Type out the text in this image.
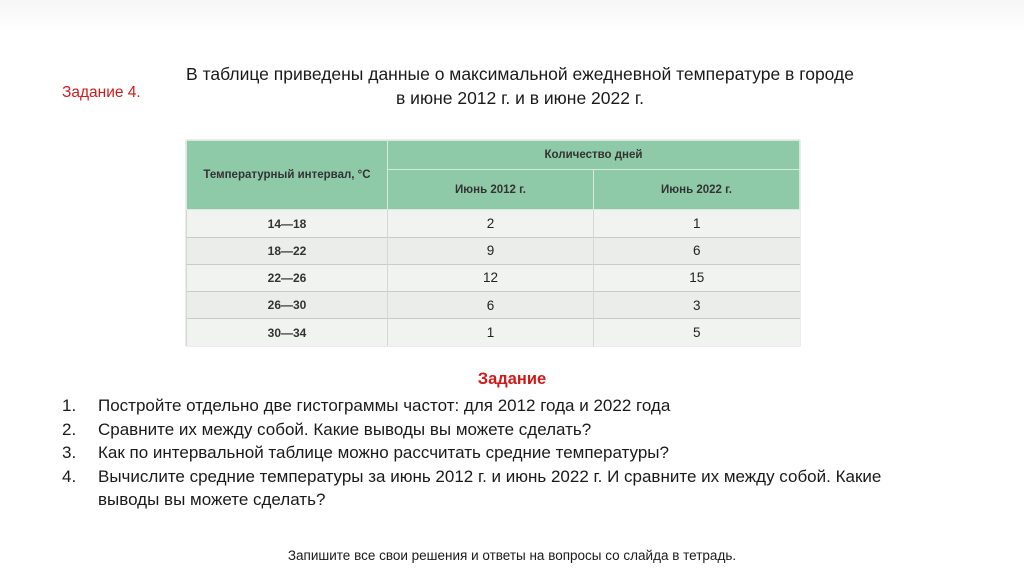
Задание 4.
В таблице приведены данные о максимальной ежедневной температуре в городе
в июне 2012 г. и в июне 2022 г.
Температурный интервал, °С	Количество дней	
	Июнь 2012 г.	Июнь 2022 г.
14—18	2	1
18—22	9	6
22—26	12	15
26—30	6	3
30—34	1	5
Задание
1. Постройте отдельно две гистограммы частот: для 2012 года и 2022 года
2. Сравните их между собой. Какие выводы вы можете сделать?
3. Как по интервальной таблице можно рассчитать средние температуры?
4. Вычислите средние температуры за июнь 2012 г. и июнь 2022 г. И сравните их между собой. Какие выводы вы можете сделать?
Запишите все свои решения и ответы на вопросы со слайда в тетрадь.
